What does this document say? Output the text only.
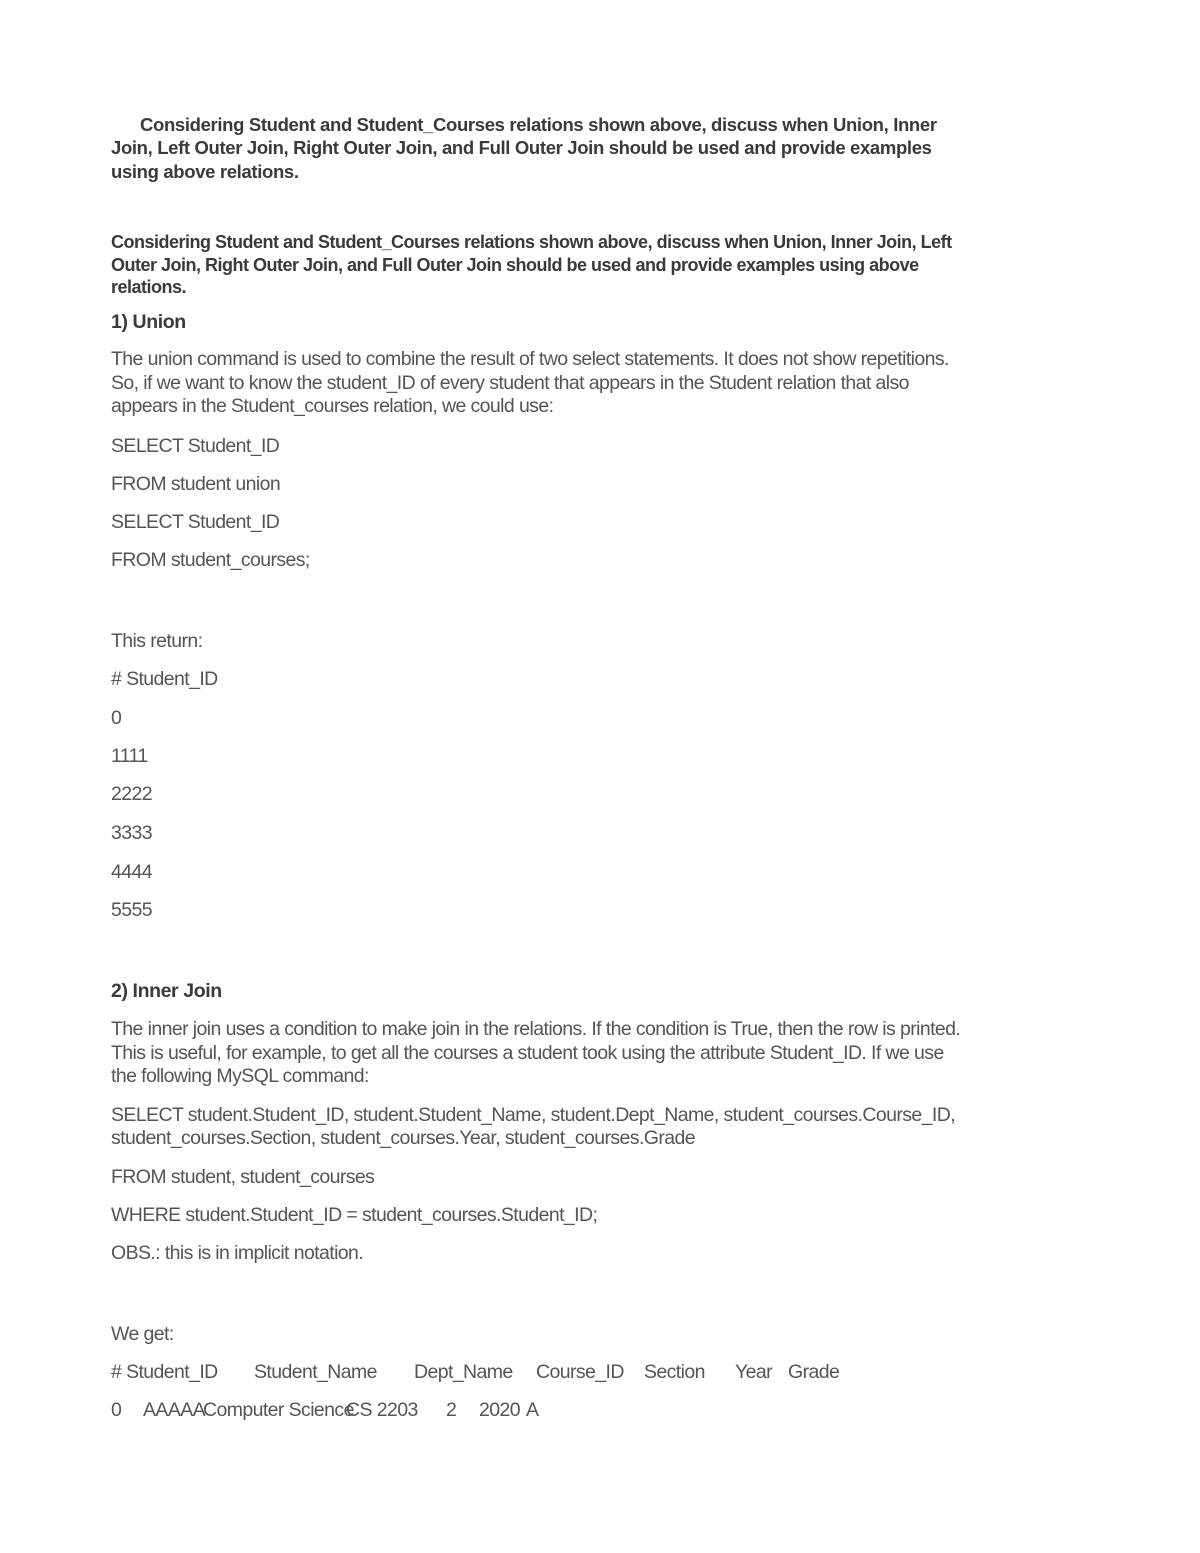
Considering Student and Student_Courses relations shown above, discuss when Union, Inner
Join, Left Outer Join, Right Outer Join, and Full Outer Join should be used and provide examples
using above relations.
Considering Student and Student_Courses relations shown above, discuss when Union, Inner Join, Left
Outer Join, Right Outer Join, and Full Outer Join should be used and provide examples using above
relations.
1) Union
The union command is used to combine the result of two select statements. It does not show repetitions.
So, if we want to know the student_ID of every student that appears in the Student relation that also
appears in the Student_courses relation, we could use:
SELECT Student_ID
FROM student union
SELECT Student_ID
FROM student_courses;
This return:
# Student_ID
0
1111
2222
3333
4444
5555
2) Inner Join
The inner join uses a condition to make join in the relations. If the condition is True, then the row is printed.
This is useful, for example, to get all the courses a student took using the attribute Student_ID. If we use
the following MySQL command:
SELECT student.Student_ID, student.Student_Name, student.Dept_Name, student_courses.Course_ID,
student_courses.Section, student_courses.Year, student_courses.Grade
FROM student, student_courses
WHERE student.Student_ID = student_courses.Student_ID;
OBS.: this is in implicit notation.
We get:
# Student_ID Student_Name Dept_Name Course_ID Section Year Grade
0 AAAAAComputer ScienceCS 2203 2 2020 A
